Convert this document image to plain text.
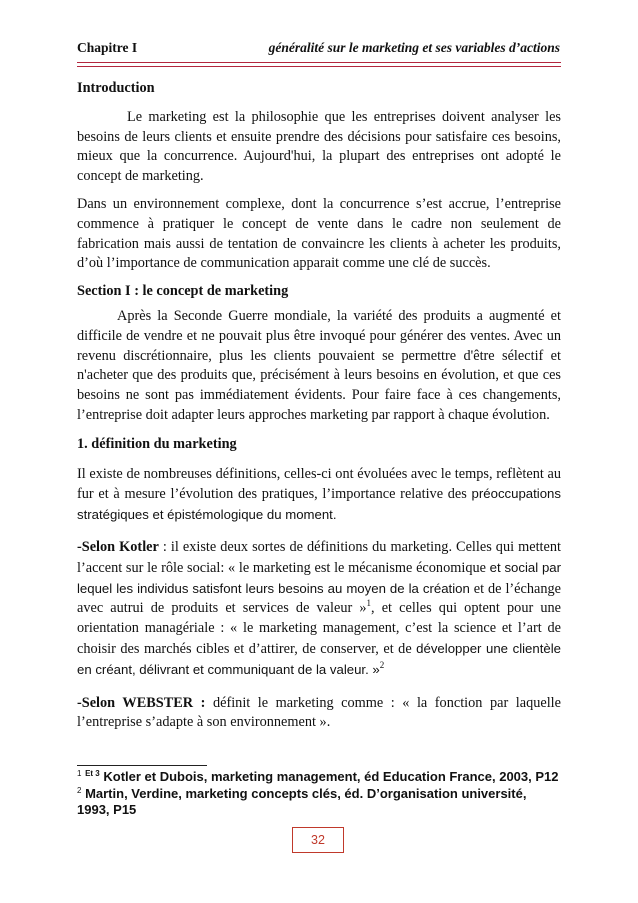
Chapitre I	généralité sur le marketing et ses variables d’actions

Introduction

Le marketing est la philosophie que les entreprises doivent analyser les besoins de leurs clients et ensuite prendre des décisions pour satisfaire ces besoins, mieux que la concurrence. Aujourd'hui, la plupart des entreprises ont adopté le concept de marketing.

Dans un environnement complexe, dont la concurrence s’est accrue, l’entreprise commence à pratiquer le concept de vente dans le cadre non seulement de fabrication mais aussi de tentation de convaincre les clients à acheter les produits, d’où l’importance de communication apparait comme une clé de succès.

Section I : le concept de marketing

Après la Seconde Guerre mondiale, la variété des produits a augmenté et difficile de vendre et ne pouvait plus être invoqué pour générer des ventes. Avec un revenu discrétionnaire, plus les clients pouvaient se permettre d'être sélectif et n'acheter que des produits que, précisément à leurs besoins en évolution, et que ces besoins ne sont pas immédiatement évidents. Pour faire face à ces changements, l’entreprise doit adapter leurs approches marketing par rapport à chaque évolution.

1. définition du marketing

Il existe de nombreuses définitions, celles-ci ont évoluées avec le temps, reflètent au fur et à mesure l’évolution des pratiques, l’importance relative des préoccupations stratégiques et épistémologique du moment.

-Selon Kotler : il existe deux sortes de définitions du marketing. Celles qui mettent l’accent sur le rôle social: « le marketing est le mécanisme économique et social par lequel les individus satisfont leurs besoins au moyen de la création et de l’échange avec autrui de produits et services de valeur »$^1$, et celles qui optent pour une orientation managériale : « le marketing management, c’est la science et l’art de choisir des marchés cibles et d’attirer, de conserver, et de développer une clientèle en créant, délivrant et communiquant de la valeur. »$^2$

-Selon WEBSTER : définit le marketing comme : « la fonction par laquelle l’entreprise s’adapte à son environnement ».

$^1$ $^{Et 3}$ Kotler et Dubois, marketing management, éd Education France, 2003, P12

$^2$ Martin, Verdine, marketing concepts clés, éd. D’organisation université, 1993, P15

32
